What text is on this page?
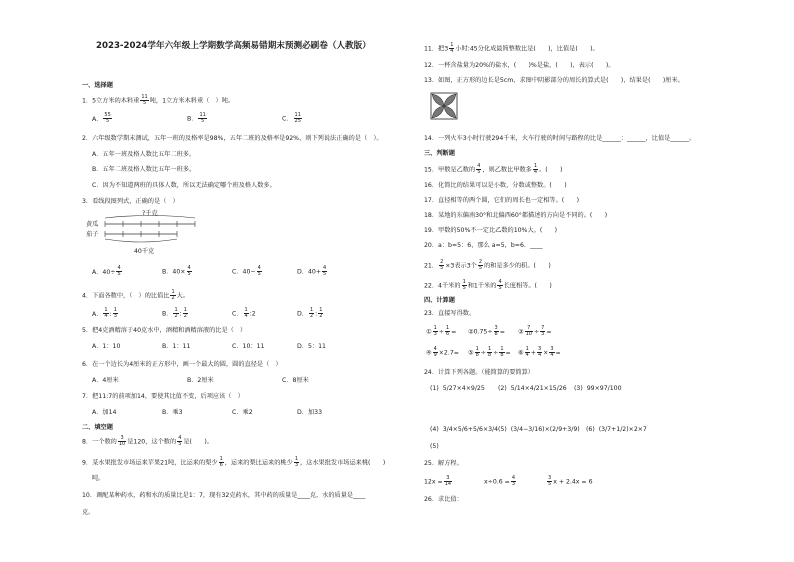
2023-2024学年六年级上学期数学高频易错期末预测必刷卷（人教版）
一、选择题
1．5立方米的木料重 $\frac{11}{5}$ 吨，1立方米木料重（　）吨。
A． $\frac{55}{5}$	B． $\frac{11}{5}$	C． $\frac{11}{25}$
2．六年级数学期末测试，五年一班的及格率是98%，五年二班的及格率是92%，则下列说法正确的是（　）。
A．五年一班及格人数比五年二班多。
B．五年二班及格人数比五年一班多。
C．因为不知道两班的具体人数，所以无法确定哪个班及格人数多。
3．看线段图列式，正确的是（　）
?千克
黄瓜
茄子
40千克
A．$40\div \frac{4}{5}$	B．$40\times \frac{4}{5}$	C．$40- \frac{4}{5}$	D．$40+ \frac{4}{5}$
4．下面各数中，（　）的比值比 $\frac{1}{2}$ 大。
A． $\frac{1}{4}$ : $\frac{1}{3}$	B． $\frac{1}{2}$ : $\frac{1}{2}$	C． $\frac{1}{4}$ :2	D． $\frac{1}{2}$ : $\frac{1}{2}$
5．把4克酒精溶于40克水中，酒精和酒精溶液的比是（　）
A．1：10	B．1：11	C．10：11	D．5：11
6．在一个边长为4厘米的正方形中，画一个最大的圆，圆的直径是（　）
A．4厘米	B．2厘米	C．8厘米
7．把11:7的前项加14，要使其比值不变，后项应该（　）
A．加14	B．乘3	C．乘2	D．加33
二、填空题
8．一个数的 $\frac{3}{10}$ 是120，这个数的 $\frac{4}{5}$ 是(　　)。
9．某水果批发市场运来苹果21吨，比运来的梨少 $\frac{1}{6}$ ，运来的梨比运来的桃少 $\frac{1}{3}$ ，这水果批发市场运来桃(　　)
吨。
10．调配某种药水，药和水的质量比是1：7，现有32克药水，其中药的质量是____克，水的质量是____
克。
11．把$3 \frac{1}{4}$ 小时:45分化成最简整数比是(　　)，比值是(　　)。
12．一杯含盐量为20%的盐水，(　　)%是盐，(　　)，表示(　　)。
13．如图，正方形的边长是5cm，求图中阴影部分的周长的算式是(　　)，结果是(　　)厘米。
14．一列火车3小时行驶294千米，火车行驶的时间与路程的比是______：______，比值是______。
三、判断题
15．甲数是乙数的 $\frac{4}{5}$ ，则乙数比甲数多 $\frac{1}{4}$ 。(　　)
16．化简比的结果可以是小数，分数或整数。(　　)
17．直径相等的两个圆，它们的周长也一定相等。(　　)
18．某地的东偏南30°和北偏西60°都描述的方向是不同的。(　　)
19．甲数的50%不一定比乙数的10%大。(　　)
20．a：b=5：6，那么 a=5，b=6．____
21． $\frac{2}{5} \times 3$表示3个 $\frac{2}{5}$ 的和是多少的积。(　　)
22．4千米的 $\frac{1}{5}$ 和1千米的 $\frac{4}{5}$ 长度相等。(　　)
四、计算题
23．直接写得数。
① $\frac{1}{3} \div \frac{1}{6}$ = ②0.75÷ $\frac{3}{8}$ = ③ $\frac{7}{10} \div \frac{7}{3}$ =
④ $\frac{4}{9} \times 2.7=$ ⑤ $\frac{1}{8} \div \frac{1}{8} \div \frac{1}{8}$ = ⑥ $\frac{1}{4} + \frac{3}{4} \times \frac{3}{4}$ =
24．计算下列各题。（能简算的要简算）
(1) 5/27×4×9/25 (2) 5/14×4/21×15/26 (3) 99×97/100
(4) 3/4×5/6+5/6×3/4 (5) (3/4−3/16)×(2/9+3/9) (6) (3/7+1/2)×2×7
(5)
25．解方程。
$12x = \frac{3}{14}$	$x\div 0.6 = \frac{4}{3}$	$\frac{3}{5}$ x + 2.4x = 6
26．求比值：
